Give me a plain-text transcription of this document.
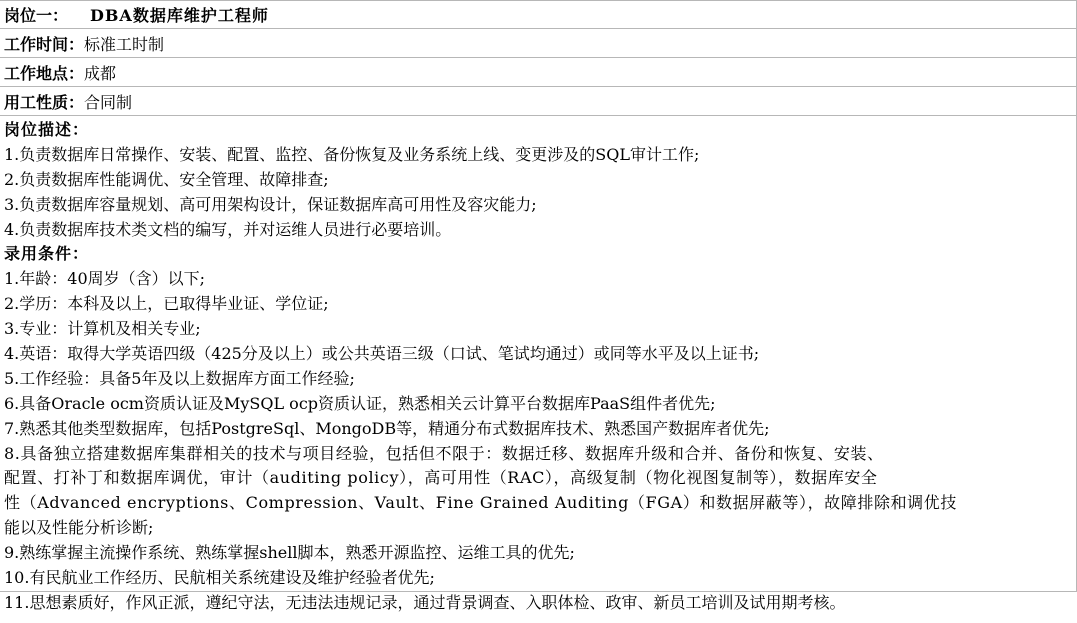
岗位一： DBA数据库维护工程师
工作时间： 标准工时制
工作地点： 成都
用工性质： 合同制
岗位描述：
1.负责数据库日常操作、安装、配置、监控、备份恢复及业务系统上线、变更涉及的SQL审计工作;
2.负责数据库性能调优、安全管理、故障排查;
3.负责数据库容量规划、高可用架构设计，保证数据库高可用性及容灾能力;
4.负责数据库技术类文档的编写，并对运维人员进行必要培训。
录用条件：
1.年龄：40周岁（含）以下;
2.学历：本科及以上，已取得毕业证、学位证;
3.专业：计算机及相关专业;
4.英语：取得大学英语四级（425分及以上）或公共英语三级（口试、笔试均通过）或同等水平及以上证书;
5.工作经验：具备5年及以上数据库方面工作经验;
6.具备Oracle ocm资质认证及MySQL ocp资质认证，熟悉相关云计算平台数据库PaaS组件者优先;
7.熟悉其他类型数据库，包括PostgreSql、MongoDB等，精通分布式数据库技术、熟悉国产数据库者优先;
8.具备独立搭建数据库集群相关的技术与项目经验，包括但不限于：数据迁移、数据库升级和合并、备份和恢复、安装、
配置、打补丁和数据库调优，审计（auditing policy），高可用性（RAC），高级复制（物化视图复制等），数据库安全
性（Advanced encryptions、Compression、Vault、Fine Grained Auditing（FGA）和数据屏蔽等），故障排除和调优技
能以及性能分析诊断;
9.熟练掌握主流操作系统、熟练掌握shell脚本，熟悉开源监控、运维工具的优先;
10.有民航业工作经历、民航相关系统建设及维护经验者优先;
11.思想素质好，作风正派，遵纪守法，无违法违规记录，通过背景调查、入职体检、政审、新员工培训及试用期考核。
